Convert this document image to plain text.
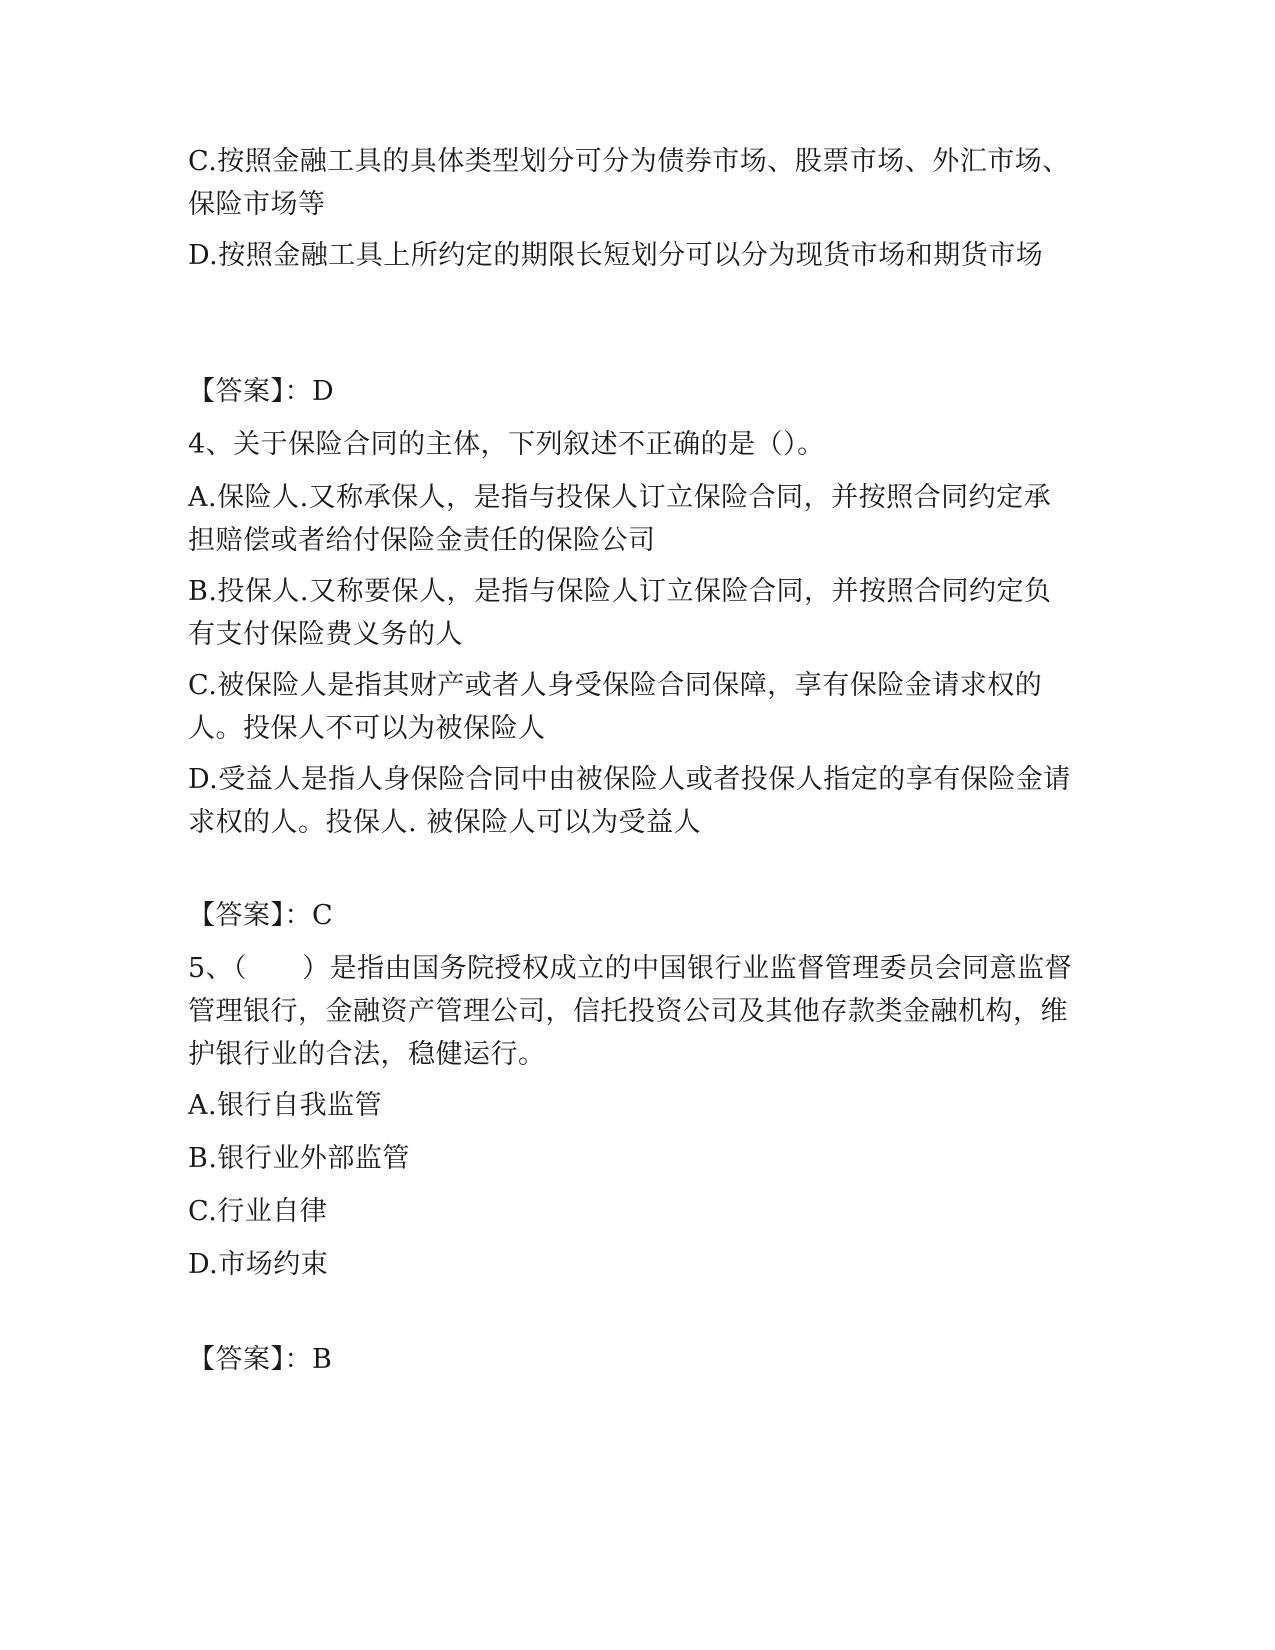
C.按照金融工具的具体类型划分可分为债券市场、股票市场、外汇市场、保险市场等
D.按照金融工具上所约定的期限长短划分可以分为现货市场和期货市场
【答案】：D
4、关于保险合同的主体，下列叙述不正确的是（）。
A.保险人.又称承保人，是指与投保人订立保险合同，并按照合同约定承担赔偿或者给付保险金责任的保险公司
B.投保人.又称要保人，是指与保险人订立保险合同，并按照合同约定负有支付保险费义务的人
C.被保险人是指其财产或者人身受保险合同保障，享有保险金请求权的人。投保人不可以为被保险人
D.受益人是指人身保险合同中由被保险人或者投保人指定的享有保险金请求权的人。投保人. 被保险人可以为受益人
【答案】：C
5、（　　）是指由国务院授权成立的中国银行业监督管理委员会同意监督管理银行，金融资产管理公司，信托投资公司及其他存款类金融机构，维护银行业的合法，稳健运行。
A.银行自我监管
B.银行业外部监管
C.行业自律
D.市场约束
【答案】：B
